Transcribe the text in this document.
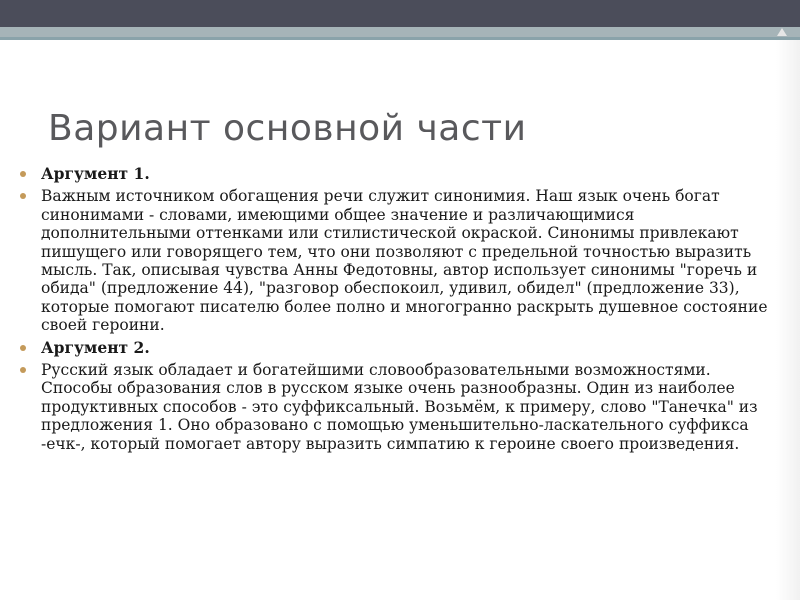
Вариант основной части
Аргумент 1.
Важным источником обогащения речи служит синонимия. Наш язык очень богат синонимами - словами, имеющими общее значение и различающимися дополнительными оттенками или стилистической окраской. Синонимы привлекают пишущего или говорящего тем, что они позволяют с предельной точностью выразить мысль. Так, описывая чувства Анны Федотовны, автор использует синонимы "горечь и обида" (предложение 44), "разговор обеспокоил, удивил, обидел" (предложение 33), которые помогают писателю более полно и многогранно раскрыть душевное состояние своей героини.
Аргумент 2.
Русский язык обладает и богатейшими словообразовательными возможностями. Способы образования слов в русском языке очень разнообразны. Один из наиболее продуктивных способов - это суффиксальный. Возьмём, к примеру, слово "Танечка" из предложения 1. Оно образовано с помощью уменьшительно-ласкательного суффикса -ечк-, который помогает автору выразить симпатию к героине своего произведения.
